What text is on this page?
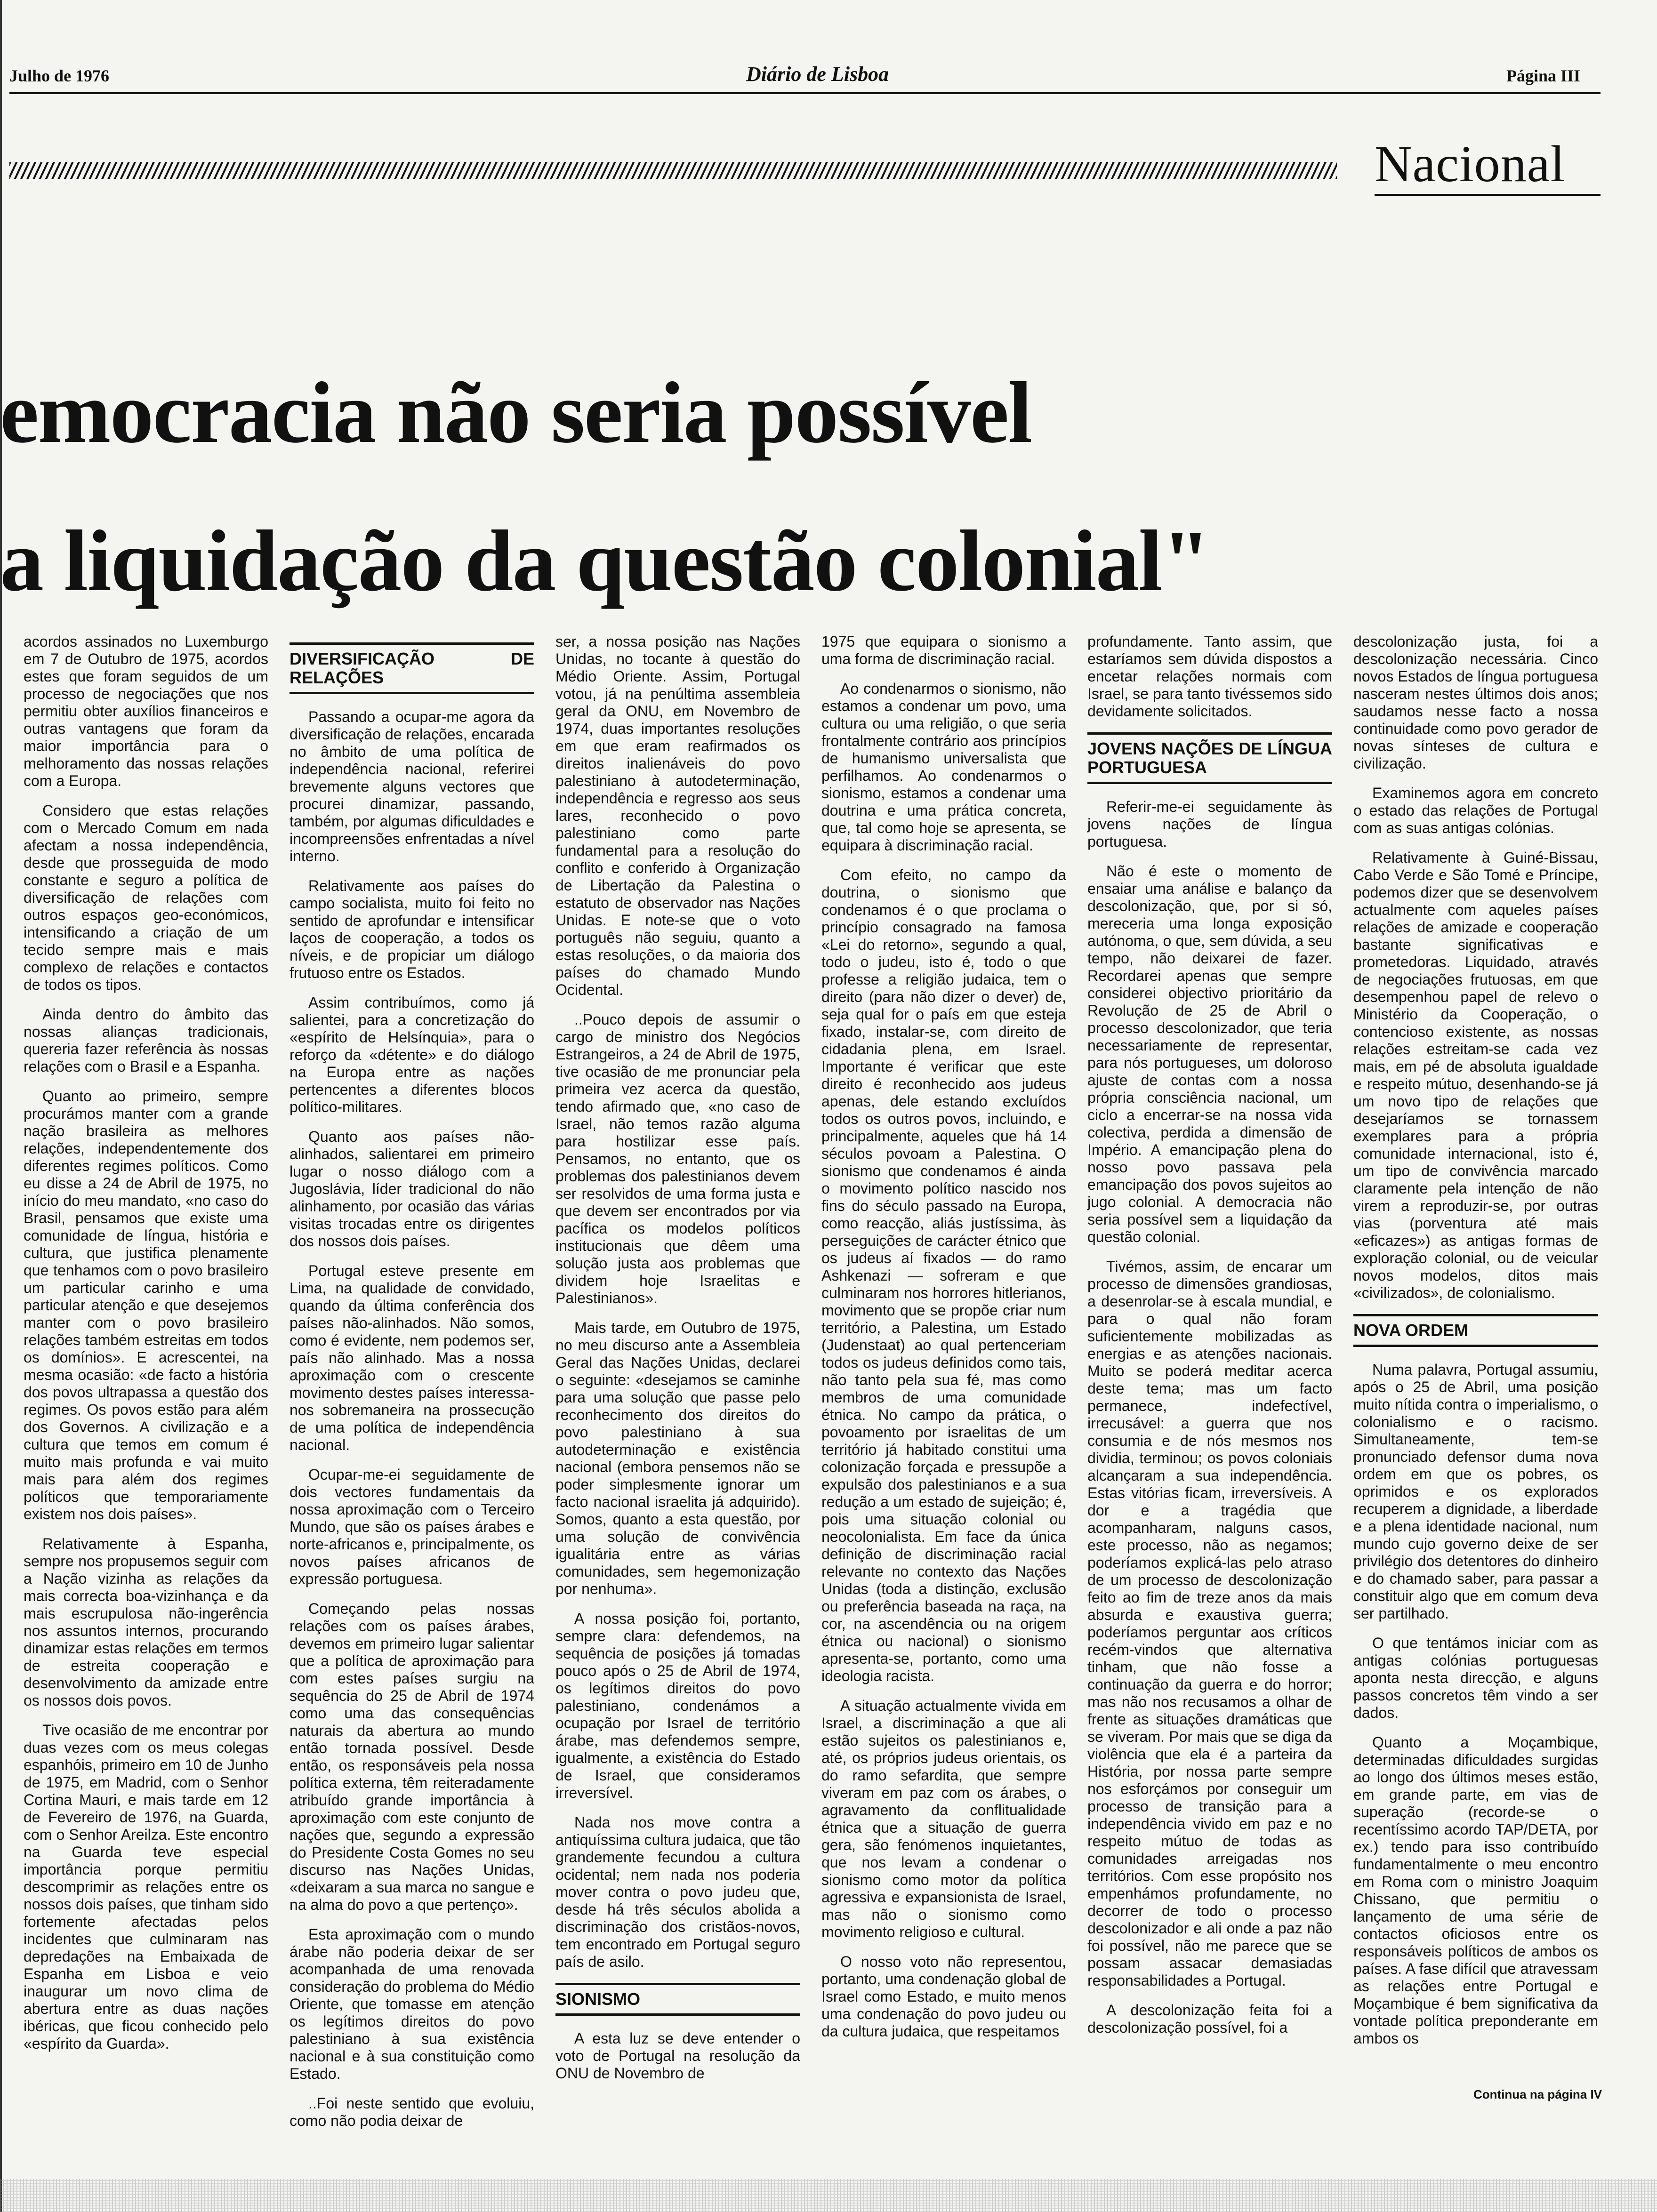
Julho de 1976	Diário de Lisboa	Página III
Nacional
emocracia não seria possível
a liquidação da questão colonial"

acordos assinados no Luxemburgo em 7 de Outubro de 1975, acordos estes que foram seguidos de um processo de negociações que nos permitiu obter auxílios financeiros e outras vantagens que foram da maior importância para o melhoramento das nossas relações com a Europa.

Considero que estas relações com o Mercado Comum em nada afectam a nossa independência, desde que prosseguida de modo constante e seguro a política de diversificação de relações com outros espaços geo-económicos, intensificando a criação de um tecido sempre mais e mais complexo de relações e contactos de todos os tipos.

Ainda dentro do âmbito das nossas alianças tradicionais, quereria fazer referência às nossas relações com o Brasil e a Espanha.

Quanto ao primeiro, sempre procurámos manter com a grande nação brasileira as melhores relações, independentemente dos diferentes regimes políticos. Como eu disse a 24 de Abril de 1975, no início do meu mandato, «no caso do Brasil, pensamos que existe uma comunidade de língua, história e cultura, que justifica plenamente que tenhamos com o povo brasileiro um particular carinho e uma particular atenção e que desejemos manter com o povo brasileiro relações também estreitas em todos os domínios». E acrescentei, na mesma ocasião: «de facto a história dos povos ultrapassa a questão dos regimes. Os povos estão para além dos Governos. A civilização e a cultura que temos em comum é muito mais profunda e vai muito mais para além dos regimes políticos que temporariamente existem nos dois países».

Relativamente à Espanha, sempre nos propusemos seguir com a Nação vizinha as relações da mais correcta boa-vizinhança e da mais escrupulosa não-ingerência nos assuntos internos, procurando dinamizar estas relações em termos de estreita cooperação e desenvolvimento da amizade entre os nossos dois povos.

Tive ocasião de me encontrar por duas vezes com os meus colegas espanhóis, primeiro em 10 de Junho de 1975, em Madrid, com o Senhor Cortina Mauri, e mais tarde em 12 de Fevereiro de 1976, na Guarda, com o Senhor Areilza. Este encontro na Guarda teve especial importância porque permitiu descomprimir as relações entre os nossos dois países, que tinham sido fortemente afectadas pelos incidentes que culminaram nas depredações na Embaixada de Espanha em Lisboa e veio inaugurar um novo clima de abertura entre as duas nações ibéricas, que ficou conhecido pelo «espírito da Guarda».

DIVERSIFICAÇÃO DE RELAÇÕES

Passando a ocupar-me agora da diversificação de relações, encarada no âmbito de uma política de independência nacional, referirei brevemente alguns vectores que procurei dinamizar, passando, também, por algumas dificuldades e incompreensões enfrentadas a nível interno.

Relativamente aos países do campo socialista, muito foi feito no sentido de aprofundar e intensificar laços de cooperação, a todos os níveis, e de propiciar um diálogo frutuoso entre os Estados.

Assim contribuímos, como já salientei, para a concretização do «espírito de Helsínquia», para o reforço da «détente» e do diálogo na Europa entre as nações pertencentes a diferentes blocos político-militares.

Quanto aos países não-alinhados, salientarei em primeiro lugar o nosso diálogo com a Jugoslávia, líder tradicional do não alinhamento, por ocasião das várias visitas trocadas entre os dirigentes dos nossos dois países.

Portugal esteve presente em Lima, na qualidade de convidado, quando da última conferência dos países não-alinhados. Não somos, como é evidente, nem podemos ser, país não alinhado. Mas a nossa aproximação com o crescente movimento destes países interessa-nos sobremaneira na prossecução de uma política de independência nacional.

Ocupar-me-ei seguidamente de dois vectores fundamentais da nossa aproximação com o Terceiro Mundo, que são os países árabes e norte-africanos e, principalmente, os novos países africanos de expressão portuguesa.

Começando pelas nossas relações com os países árabes, devemos em primeiro lugar salientar que a política de aproximação para com estes países surgiu na sequência do 25 de Abril de 1974 como uma das consequências naturais da abertura ao mundo então tornada possível. Desde então, os responsáveis pela nossa política externa, têm reiteradamente atribuído grande importância à aproximação com este conjunto de nações que, segundo a expressão do Presidente Costa Gomes no seu discurso nas Nações Unidas, «deixaram a sua marca no sangue e na alma do povo a que pertenço».

Esta aproximação com o mundo árabe não poderia deixar de ser acompanhada de uma renovada consideração do problema do Médio Oriente, que tomasse em atenção os legítimos direitos do povo palestiniano à sua existência nacional e à sua constituição como Estado.

..Foi neste sentido que evoluiu, como não podia deixar de

ser, a nossa posição nas Nações Unidas, no tocante à questão do Médio Oriente. Assim, Portugal votou, já na penúltima assembleia geral da ONU, em Novembro de 1974, duas importantes resoluções em que eram reafirmados os direitos inalienáveis do povo palestiniano à autodeterminação, independência e regresso aos seus lares, reconhecido o povo palestiniano como parte fundamental para a resolução do conflito e conferido à Organização de Libertação da Palestina o estatuto de observador nas Nações Unidas. E note-se que o voto português não seguiu, quanto a estas resoluções, o da maioria dos países do chamado Mundo Ocidental.

..Pouco depois de assumir o cargo de ministro dos Negócios Estrangeiros, a 24 de Abril de 1975, tive ocasião de me pronunciar pela primeira vez acerca da questão, tendo afirmado que, «no caso de Israel, não temos razão alguma para hostilizar esse país. Pensamos, no entanto, que os problemas dos palestinianos devem ser resolvidos de uma forma justa e que devem ser encontrados por via pacífica os modelos políticos institucionais que dêem uma solução justa aos problemas que dividem hoje Israelitas e Palestinianos».

Mais tarde, em Outubro de 1975, no meu discurso ante a Assembleia Geral das Nações Unidas, declarei o seguinte: «desejamos se caminhe para uma solução que passe pelo reconhecimento dos direitos do povo palestiniano à sua autodeterminação e existência nacional (embora pensemos não se poder simplesmente ignorar um facto nacional israelita já adquirido). Somos, quanto a esta questão, por uma solução de convivência igualitária entre as várias comunidades, sem hegemonização por nenhuma».

A nossa posição foi, portanto, sempre clara: defendemos, na sequência de posições já tomadas pouco após o 25 de Abril de 1974, os legítimos direitos do povo palestiniano, condenámos a ocupação por Israel de território árabe, mas defendemos sempre, igualmente, a existência do Estado de Israel, que consideramos irreversível.

Nada nos move contra a antiquíssima cultura judaica, que tão grandemente fecundou a cultura ocidental; nem nada nos poderia mover contra o povo judeu que, desde há três séculos abolida a discriminação dos cristãos-novos, tem encontrado em Portugal seguro país de asilo.

SIONISMO

A esta luz se deve entender o voto de Portugal na resolução da ONU de Novembro de

1975 que equipara o sionismo a uma forma de discriminação racial.

Ao condenarmos o sionismo, não estamos a condenar um povo, uma cultura ou uma religião, o que seria frontalmente contrário aos princípios de humanismo universalista que perfilhamos. Ao condenarmos o sionismo, estamos a condenar uma doutrina e uma prática concreta, que, tal como hoje se apresenta, se equipara à discriminação racial.

Com efeito, no campo da doutrina, o sionismo que condenamos é o que proclama o princípio consagrado na famosa «Lei do retorno», segundo a qual, todo o judeu, isto é, todo o que professe a religião judaica, tem o direito (para não dizer o dever) de, seja qual for o país em que esteja fixado, instalar-se, com direito de cidadania plena, em Israel. Importante é verificar que este direito é reconhecido aos judeus apenas, dele estando excluídos todos os outros povos, incluindo, e principalmente, aqueles que há 14 séculos povoam a Palestina. O sionismo que condenamos é ainda o movimento político nascido nos fins do século passado na Europa, como reacção, aliás justíssima, às perseguições de carácter étnico que os judeus aí fixados — do ramo Ashkenazi — sofreram e que culminaram nos horrores hitlerianos, movimento que se propõe criar num território, a Palestina, um Estado (Judenstaat) ao qual pertenceriam todos os judeus definidos como tais, não tanto pela sua fé, mas como membros de uma comunidade étnica. No campo da prática, o povoamento por israelitas de um território já habitado constitui uma colonização forçada e pressupõe a expulsão dos palestinianos e a sua redução a um estado de sujeição; é, pois uma situação colonial ou neocolonialista. Em face da única definição de discriminação racial relevante no contexto das Nações Unidas (toda a distinção, exclusão ou preferência baseada na raça, na cor, na ascendência ou na origem étnica ou nacional) o sionismo apresenta-se, portanto, como uma ideologia racista.

A situação actualmente vivida em Israel, a discriminação a que ali estão sujeitos os palestinianos e, até, os próprios judeus orientais, os do ramo sefardita, que sempre viveram em paz com os árabes, o agravamento da conflitualidade étnica que a situação de guerra gera, são fenómenos inquietantes, que nos levam a condenar o sionismo como motor da política agressiva e expansionista de Israel, mas não o sionismo como movimento religioso e cultural.

O nosso voto não representou, portanto, uma condenação global de Israel como Estado, e muito menos uma condenação do povo judeu ou da cultura judaica, que respeitamos

profundamente. Tanto assim, que estaríamos sem dúvida dispostos a encetar relações normais com Israel, se para tanto tivéssemos sido devidamente solicitados.

JOVENS NAÇÕES DE LÍNGUA PORTUGUESA

Referir-me-ei seguidamente às jovens nações de língua portuguesa.

Não é este o momento de ensaiar uma análise e balanço da descolonização, que, por si só, mereceria uma longa exposição autónoma, o que, sem dúvida, a seu tempo, não deixarei de fazer. Recordarei apenas que sempre considerei objectivo prioritário da Revolução de 25 de Abril o processo descolonizador, que teria necessariamente de representar, para nós portugueses, um doloroso ajuste de contas com a nossa própria consciência nacional, um ciclo a encerrar-se na nossa vida colectiva, perdida a dimensão de Império. A emancipação plena do nosso povo passava pela emancipação dos povos sujeitos ao jugo colonial. A democracia não seria possível sem a liquidação da questão colonial.

Tivémos, assim, de encarar um processo de dimensões grandiosas, a desenrolar-se à escala mundial, e para o qual não foram suficientemente mobilizadas as energias e as atenções nacionais. Muito se poderá meditar acerca deste tema; mas um facto permanece, indefectível, irrecusável: a guerra que nos consumia e de nós mesmos nos dividia, terminou; os povos coloniais alcançaram a sua independência. Estas vitórias ficam, irreversíveis. A dor e a tragédia que acompanharam, nalguns casos, este processo, não as negamos; poderíamos explicá-las pelo atraso de um processo de descolonização feito ao fim de treze anos da mais absurda e exaustiva guerra; poderíamos perguntar aos críticos recém-vindos que alternativa tinham, que não fosse a continuação da guerra e do horror; mas não nos recusamos a olhar de frente as situações dramáticas que se viveram. Por mais que se diga da violência que ela é a parteira da História, por nossa parte sempre nos esforçámos por conseguir um processo de transição para a independência vivido em paz e no respeito mútuo de todas as comunidades arreigadas nos territórios. Com esse propósito nos empenhámos profundamente, no decorrer de todo o processo descolonizador e ali onde a paz não foi possível, não me parece que se possam assacar demasiadas responsabilidades a Portugal.

A descolonização feita foi a descolonização possível, foi a

descolonização justa, foi a descolonização necessária. Cinco novos Estados de língua portuguesa nasceram nestes últimos dois anos; saudamos nesse facto a nossa continuidade como povo gerador de novas sínteses de cultura e civilização.

Examinemos agora em concreto o estado das relações de Portugal com as suas antigas colónias.

Relativamente à Guiné-Bissau, Cabo Verde e São Tomé e Príncipe, podemos dizer que se desenvolvem actualmente com aqueles países relações de amizade e cooperação bastante significativas e prometedoras. Liquidado, através de negociações frutuosas, em que desempenhou papel de relevo o Ministério da Cooperação, o contencioso existente, as nossas relações estreitam-se cada vez mais, em pé de absoluta igualdade e respeito mútuo, desenhando-se já um novo tipo de relações que desejaríamos se tornassem exemplares para a própria comunidade internacional, isto é, um tipo de convivência marcado claramente pela intenção de não virem a reproduzir-se, por outras vias (porventura até mais «eficazes») as antigas formas de exploração colonial, ou de veicular novos modelos, ditos mais «civilizados», de colonialismo.

NOVA ORDEM

Numa palavra, Portugal assumiu, após o 25 de Abril, uma posição muito nítida contra o imperialismo, o colonialismo e o racismo. Simultaneamente, tem-se pronunciado defensor duma nova ordem em que os pobres, os oprimidos e os explorados recuperem a dignidade, a liberdade e a plena identidade nacional, num mundo cujo governo deixe de ser privilégio dos detentores do dinheiro e do chamado saber, para passar a constituir algo que em comum deva ser partilhado.

O que tentámos iniciar com as antigas colónias portuguesas aponta nesta direcção, e alguns passos concretos têm vindo a ser dados.

Quanto a Moçambique, determinadas dificuldades surgidas ao longo dos últimos meses estão, em grande parte, em vias de superação (recorde-se o recentíssimo acordo TAP/DETA, por ex.) tendo para isso contribuído fundamentalmente o meu encontro em Roma com o ministro Joaquim Chissano, que permitiu o lançamento de uma série de contactos oficiosos entre os responsáveis políticos de ambos os países. A fase difícil que atravessam as relações entre Portugal e Moçambique é bem significativa da vontade política preponderante em ambos os

Continua na página IV
